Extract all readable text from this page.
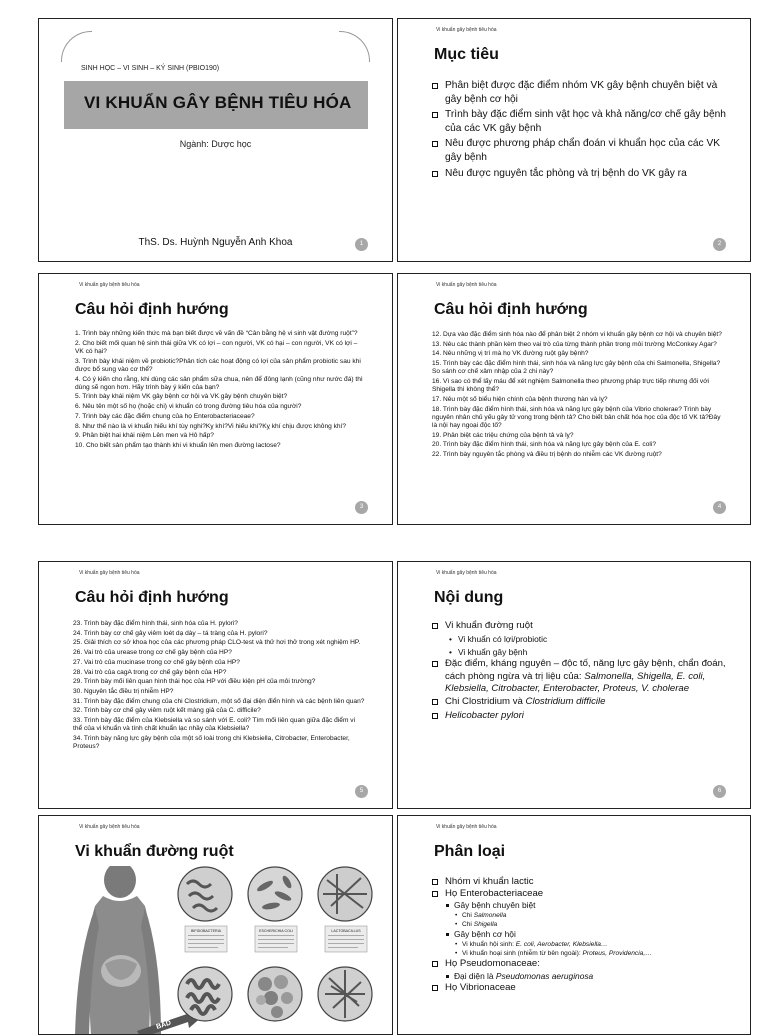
SINH HỌC – VI SINH – KÝ SINH (PBIO190)
VI KHUẨN GÂY BỆNH TIÊU HÓA
Ngành: Dược học
ThS. Ds. Huỳnh Nguyễn Anh Khoa	1
Vi khuẩn gây bệnh tiêu hóa
Mục tiêu
Phân biệt được đặc điểm nhóm VK gây bệnh chuyên biệt và gây bệnh cơ hội
Trình bày đặc điểm sinh vật học và khả năng/cơ chế gây bệnh của các VK gây bệnh
Nêu được phương pháp chẩn đoán vi khuẩn học của các VK gây bệnh
Nêu được nguyên tắc phòng và trị bệnh do VK gây ra
2
Vi khuẩn gây bệnh tiêu hóa
Câu hỏi định hướng
1. Trình bày những kiến thức mà bạn biết được về vấn đề “Cân bằng hệ vi sinh vật đường ruột”?
2. Cho biết mối quan hệ sinh thái giữa VK có lợi – con người, VK có hại – con người, VK có lợi – VK có hại?
3. Trình bày khái niệm về probiotic?Phân tích các hoạt động có lợi của sản phẩm probiotic sau khi được bổ sung vào cơ thể?
4. Có ý kiến cho rằng, khi dùng các sản phẩm sữa chua, nên để đông lạnh (cũng như nước đá) thì dùng sẽ ngon hơn. Hãy trình bày ý kiến của bạn?
5. Trình bày khái niệm VK gây bệnh cơ hội và VK gây bệnh chuyên biệt?
6. Nêu tên một số họ (hoặc chi) vi khuẩn có trong đường tiêu hóa của người?
7. Trình bày các đặc điểm chung của họ Enterobacteriaceae?
8. Như thế nào là vi khuẩn hiếu khí tùy nghi?Kỵ khí?Vi hiếu khí?Kỵ khí chịu được không khí?
9. Phân biệt hai khái niệm Lên men và Hô hấp?
10. Cho biết sản phẩm tạo thành khi vi khuẩn lên men đường lactose?
3
Vi khuẩn gây bệnh tiêu hóa
Câu hỏi định hướng
12. Dựa vào đặc điểm sinh hóa nào để phân biệt 2 nhóm vi khuẩn gây bệnh cơ hội và chuyên biệt?
13. Nêu các thành phần kèm theo vai trò của từng thành phần trong môi trường McConkey Agar?
14. Nêu những vị trí mà họ VK đường ruột gây bệnh?
15. Trình bày các đặc điểm hình thái, sinh hóa và năng lực gây bệnh của chi Salmonella, Shigella? So sánh cơ chế xâm nhập của 2 chi này?
16. Vì sao có thể lấy máu để xét nghiệm Salmonella theo phương pháp trực tiếp nhưng đối với Shigella thì không thể?
17. Nêu một số biểu hiện chính của bệnh thương hàn và lỵ?
18. Trình bày đặc điểm hình thái, sinh hóa và năng lực gây bệnh của Vibrio cholerae? Trình bày nguyên nhân chủ yếu gây tử vong trong bệnh tả? Cho biết bản chất hóa học của độc tố VK tả?Đây là nội hay ngoại độc tố?
19. Phân biệt các triệu chứng của bệnh tả và lỵ?
20. Trình bày đặc điểm hình thái, sinh hóa và năng lực gây bệnh của E. coli?
22. Trình bày nguyên tắc phòng và điều trị bệnh do nhiễm các VK đường ruột?
4
Vi khuẩn gây bệnh tiêu hóa
Câu hỏi định hướng
23. Trình bày đặc điểm hình thái, sinh hóa của H. pylori?
24. Trình bày cơ chế gây viêm loét dạ dày – tá tràng của H. pylori?
25. Giải thích cơ sở khoa học của các phương pháp CLO-test và thử hơi thở trong xét nghiệm HP.
26. Vai trò của urease trong cơ chế gây bệnh của HP?
27. Vai trò của mucinase trong cơ chế gây bệnh của HP?
28. Vai trò của cagA trong cơ chế gây bệnh của HP?
29. Trình bày mối liên quan hình thái học của HP với điều kiện pH của môi trường?
30. Nguyên tắc điều trị nhiễm HP?
31. Trình bày đặc điểm chung của chi Clostridium, một số đại diện điển hình và các bệnh liên quan?
32. Trình bày cơ chế gây viêm ruột kết màng giả của C. difficile?
33. Trình bày đặc điểm của Klebsiella và so sánh với E. coli? Tìm mối liên quan giữa đặc điểm vi thể của vi khuẩn và tính chất khuẩn lạc nhầy của Klebsiella?
34. Trình bày năng lực gây bệnh của một số loài trong chi Klebsiella, Citrobacter, Enterobacter, Proteus?
5
Vi khuẩn gây bệnh tiêu hóa
Nội dung
Vi khuẩn đường ruột
• Vi khuẩn có lợi/probiotic
• Vi khuẩn gây bệnh
Đặc điểm, kháng nguyên – độc tố, năng lực gây bệnh, chẩn đoán, cách phòng ngừa và trị liệu của: Salmonella, Shigella, E. coli, Klebsiella, Citrobacter, Enterobacter, Proteus, V. cholerae
Chi Clostridium và Clostridium difficile
Helicobacter pylori
6
Vi khuẩn gây bệnh tiêu hóa
Vi khuẩn đường ruột
BAD
BIFIDOBACTERIA	ESCHERICHIA COLI	LACTOBACILLUS
Vi khuẩn gây bệnh tiêu hóa
Phân loại
Nhóm vi khuẩn lactic
Họ Enterobacteriaceae
Gây bệnh chuyên biệt
• Chi Salmonella
• Chi Shigella
Gây bệnh cơ hội
• Vi khuẩn hội sinh: E. coli, Aerobacter, Klebsiella…
• Vi khuẩn hoại sinh (nhiễm từ bên ngoài): Proteus, Providencia,…
Họ Pseudomonaceae:
Đại diện là Pseudomonas aeruginosa
Họ Vibrionaceae
